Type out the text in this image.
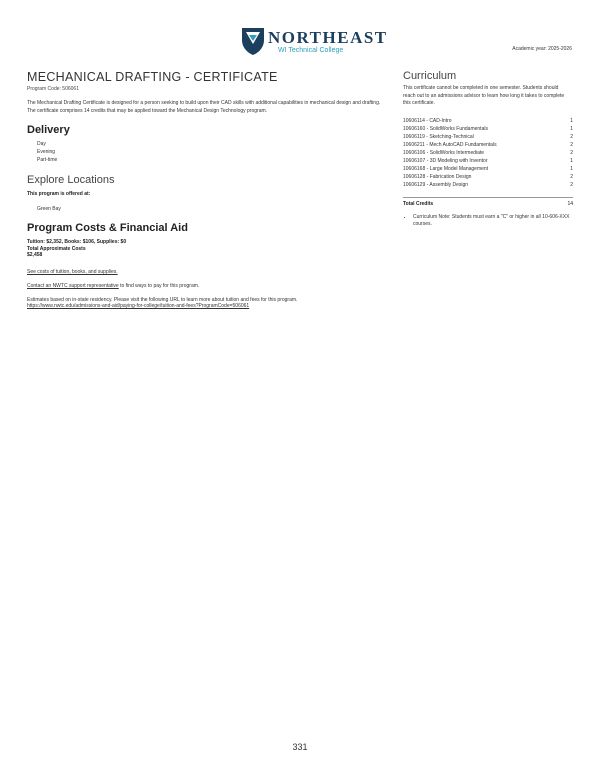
NORTHEAST
WI Technical College	Academic year: 2025-2026
MECHANICAL DRAFTING - CERTIFICATE
Program Code: 506061
The Mechanical Drafting Certificate is designed for a person seeking to build upon their CAD skills with additional capabilities in mechanical design and drafting. The certificate comprises 14 credits that may be applied toward the Mechanical Design Technology program.
Delivery
Day
Evening
Part-time
Explore Locations
This program is offered at:
Green Bay
Program Costs & Financial Aid
Tuition: $2,352, Books: $106, Supplies: $0
Total Approximate Costs
$2,458
See costs of tuition, books, and supplies.
Contact an NWTC support representative to find ways to pay for this program.
Estimates based on in-state residency. Please visit the following URL to learn more about tuition and fees for this program.
https://www.nwtc.edu/admissions-and-aid/paying-for-college/tuition-and-fees?ProgramCode=506061
Curriculum
This certificate cannot be completed in one semester. Students should reach out to an admissions advisor to learn how long it takes to complete this certificate.
10606114 - CAD-Intro	1
10606160 - SolidWorks Fundamentals	1
10606119 - Sketching-Technical	2
10606211 - Mech AutoCAD Fundamentals	2
10606106 - SolidWorks Intermediate	2
10606107 - 3D Modeling with Inventor	1
10606168 - Large Model Management	1
10606128 - Fabrication Design	2
10606129 - Assembly Design	2
Total Credits	14
• Curriculum Note: Students must earn a "C" or higher in all 10-606-XXX courses.
331
